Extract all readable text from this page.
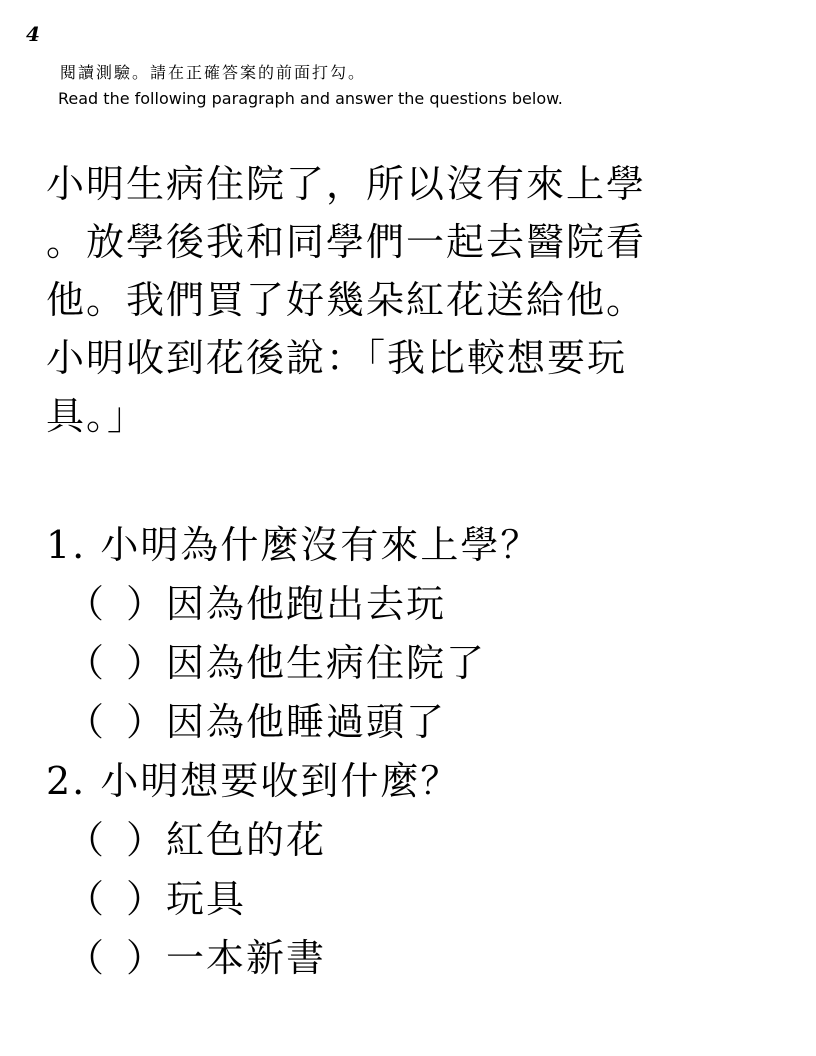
4
閱讀測驗。請在正確答案的前面打勾。
Read the following paragraph and answer the questions below.
小明生病住院了，所以沒有來上學
。放學後我和同學們一起去醫院看
他。我們買了好幾朵紅花送給他。
小明收到花後說：「我比較想要玩
具。」
1. 小明為什麼沒有來上學？
（ ）因為他跑出去玩
（ ）因為他生病住院了
（ ）因為他睡過頭了
2. 小明想要收到什麼？
（ ）紅色的花
（ ）玩具
（ ）一本新書
